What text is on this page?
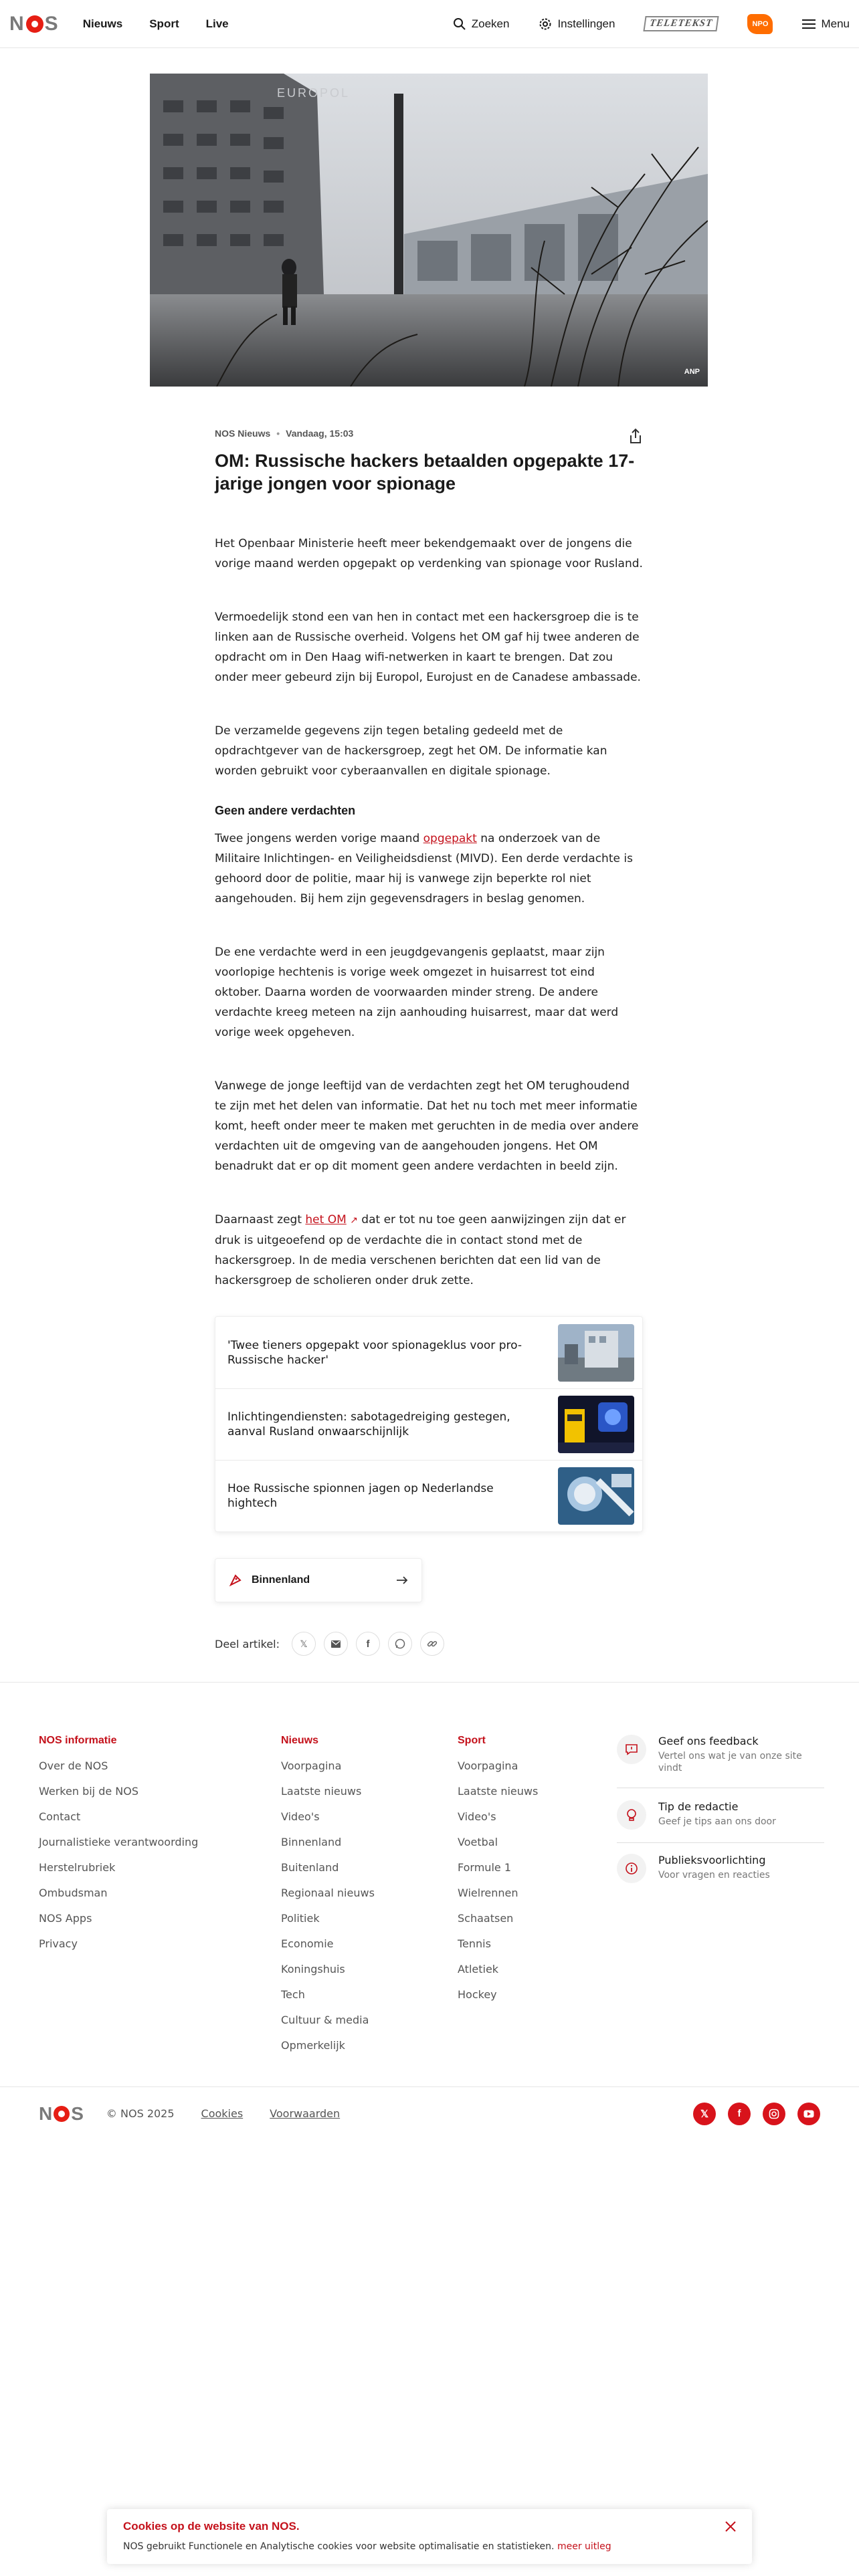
N S Nieuws Sport Live	Zoeken	Instellingen	TELETEKST	NPO	Menu
EUROPOL
ANP
NOS Nieuws • Vandaag, 15:03
OM: Russische hackers betaalden opgepakte 17-jarige jongen voor spionage

Het Openbaar Ministerie heeft meer bekendgemaakt over de jongens die vorige maand werden opgepakt op verdenking van spionage voor Rusland.

Vermoedelijk stond een van hen in contact met een hackersgroep die is te linken aan de Russische overheid. Volgens het OM gaf hij twee anderen de opdracht om in Den Haag wifi-netwerken in kaart te brengen. Dat zou onder meer gebeurd zijn bij Europol, Eurojust en de Canadese ambassade.

De verzamelde gegevens zijn tegen betaling gedeeld met de opdrachtgever van de hackersgroep, zegt het OM. De informatie kan worden gebruikt voor cyberaanvallen en digitale spionage.

Geen andere verdachten

Twee jongens werden vorige maand opgepakt na onderzoek van de Militaire Inlichtingen- en Veiligheidsdienst (MIVD). Een derde verdachte is gehoord door de politie, maar hij is vanwege zijn beperkte rol niet aangehouden. Bij hem zijn gegevensdragers in beslag genomen.

De ene verdachte werd in een jeugdgevangenis geplaatst, maar zijn voorlopige hechtenis is vorige week omgezet in huisarrest tot eind oktober. Daarna worden de voorwaarden minder streng. De andere verdachte kreeg meteen na zijn aanhouding huisarrest, maar dat werd vorige week opgeheven.

Vanwege de jonge leeftijd van de verdachten zegt het OM terughoudend te zijn met het delen van informatie. Dat het nu toch met meer informatie komt, heeft onder meer te maken met geruchten in de media over andere verdachten uit de omgeving van de aangehouden jongens. Het OM benadrukt dat er op dit moment geen andere verdachten in beeld zijn.

Daarnaast zegt het OM ↗ dat er tot nu toe geen aanwijzingen zijn dat er druk is uitgeoefend op de verdachte die in contact stond met de hackersgroep. In de media verschenen berichten dat een lid van de hackersgroep de scholieren onder druk zette.

'Twee tieners opgepakt voor spionageklus voor pro-Russische hacker'
Inlichtingendiensten: sabotagedreiging gestegen, aanval Rusland onwaarschijnlijk
Hoe Russische spionnen jagen op Nederlandse hightech
Binnenland
Deel artikel: 𝕏	f
NOS informatie
Over de NOS
Werken bij de NOS
Contact
Journalistieke verantwoording
Herstelrubriek
Ombudsman
NOS Apps
Privacy
Nieuws
Voorpagina
Laatste nieuws
Video's
Binnenland
Buitenland
Regionaal nieuws
Politiek
Economie
Koningshuis
Tech
Cultuur & media
Opmerkelijk
Sport
Voorpagina
Laatste nieuws
Video's
Voetbal
Formule 1
Wielrennen
Schaatsen
Tennis
Atletiek
Hockey
Geef ons feedback
Vertel ons wat je van onze site vindt
Tip de redactie
Geef je tips aan ons door
Publieksvoorlichting
Voor vragen en reacties
N S © NOS 2025	Cookies	Voorwaarden	𝕏	f
Cookies op de website van NOS.
NOS gebruikt Functionele en Analytische cookies voor website optimalisatie en statistieken. meer uitleg
